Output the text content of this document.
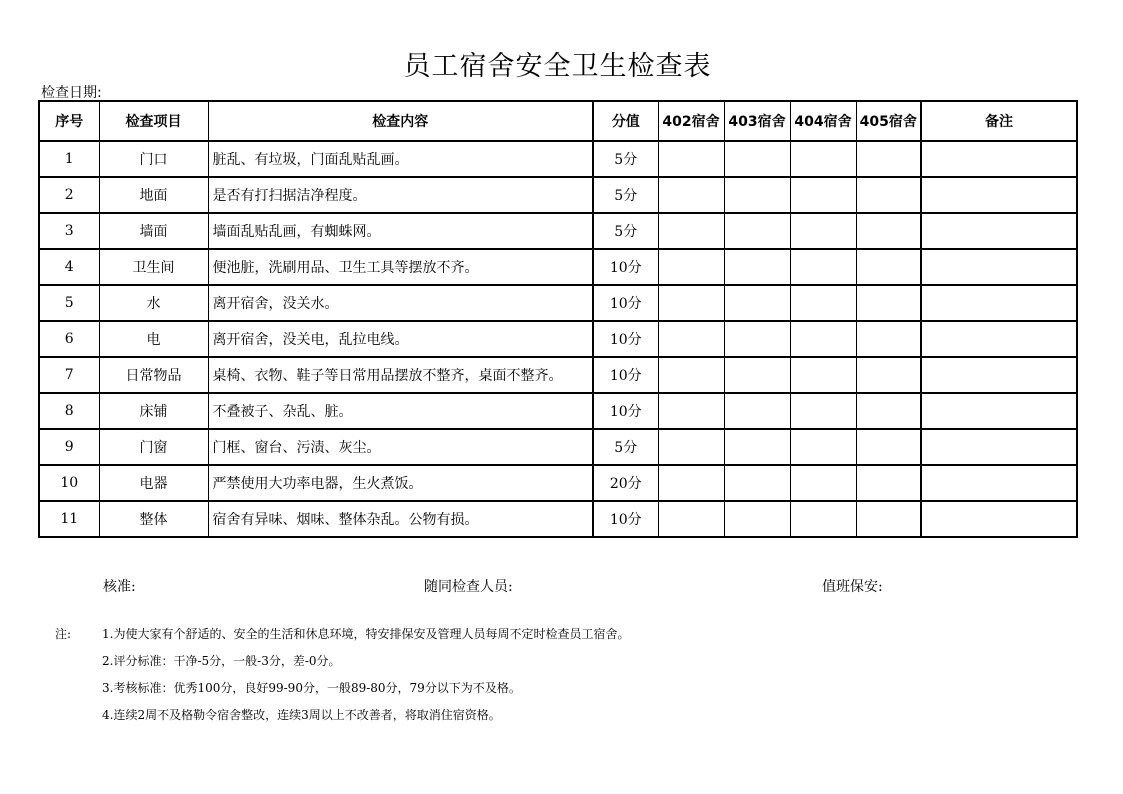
员工宿舍安全卫生检查表
检查日期:
序号	检查项目	检查内容	分值	402宿舍	403宿舍	404宿舍	405宿舍	备注
1	门口	脏乱、有垃圾，门面乱贴乱画。	5分					
2	地面	是否有打扫据洁净程度。	5分					
3	墙面	墙面乱贴乱画，有蜘蛛网。	5分					
4	卫生间	便池脏，洗刷用品、卫生工具等摆放不齐。	10分					
5	水	离开宿舍，没关水。	10分					
6	电	离开宿舍，没关电，乱拉电线。	10分					
7	日常物品	桌椅、衣物、鞋子等日常用品摆放不整齐，桌面不整齐。	10分					
8	床铺	不叠被子、杂乱、脏。	10分					
9	门窗	门框、窗台、污渍、灰尘。	5分					
10	电器	严禁使用大功率电器，生火煮饭。	20分					
11	整体	宿舍有异味、烟味、整体杂乱。公物有损。	10分					
核准:	随同检查人员:	值班保安:
注:	1.为使大家有个舒适的、安全的生活和休息环境，特安排保安及管理人员每周不定时检查员工宿舍。
2.评分标准：干净-5分，一般-3分，差-0分。
3.考核标准：优秀100分，良好99-90分，一般89-80分，79分以下为不及格。
4.连续2周不及格勒令宿舍整改，连续3周以上不改善者，将取消住宿资格。
